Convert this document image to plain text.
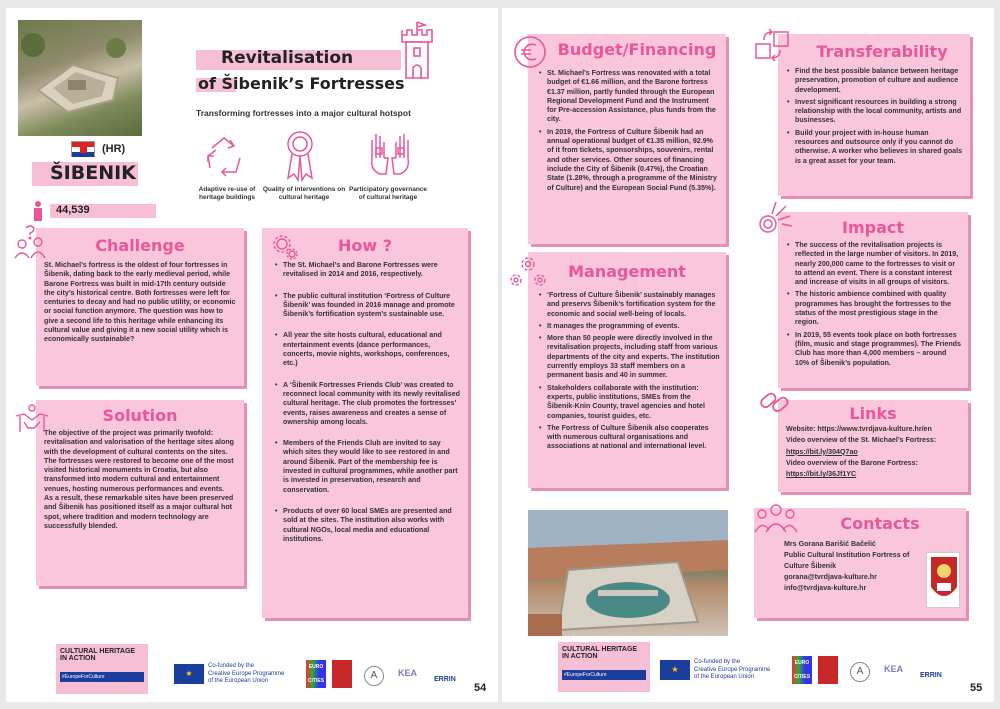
Revitalisation
of Šibenik’s Fortresses
Transforming fortresses into a major cultural hotspot
Adaptive re-use of heritage buildings
Quality of interventions on cultural heritage
Participatory governance of cultural heritage
(HR)
ŠIBENIK
44,539
Challenge

St. Michael’s fortress is the oldest of four fortresses in Šibenik, dating back to the early medieval period, while Barone Fortress was built in mid-17th century outside the city’s historical centre. Both fortresses were left for centuries to decay and had no public utility, or economic or social function anymore. The question was how to give a second life to this heritage while enhancing its cultural value and giving it a new social utility which is economically sustainable?

Solution

The objective of the project was primarily twofold: revitalisation and valorisation of the heritage sites along with the development of cultural contents on the sites.

The fortresses were restored to become one of the most visited historical monuments in Croatia, but also transformed into modern cultural and entertainment venues, hosting numerous performances and events.

As a result, these remarkable sites have been preserved and Šibenik has positioned itself as a major cultural hot spot, where tradition and modern technology are successfully blended.

How ?
• The St. Michael’s and Barone Fortresses were revitalised in 2014 and 2016, respectively.
• The public cultural institution ‘Fortress of Culture Šibenik’ was founded in 2016 manage and promote Šibenik’s fortification system’s sustainable use.
• All year the site hosts cultural, educational and entertainment events (dance performances, concerts, movie nights, workshops, conferences, etc.)
• A ‘Šibenik Fortresses Friends Club’ was created to reconnect local community with its newly revitalised cultural heritage. The club promotes the fortresses’ events, raises awareness and creates a sense of ownership among locals.
• Members of the Friends Club are invited to say which sites they would like to see restored in and around Šibenik. Part of the membership fee is invested in cultural programmes, while another part is invested in preservation, research and conservation.
• Products of over 60 local SMEs are presented and sold at the sites. The institution also works with cultural NGOs, local media and educational institutions.
CULTURAL HERITAGE
IN ACTION
#EuropeForCulture	★
Co-funded by the
Creative Europe Programme
of the European Union
EURO
CITIES	A	KEA
ERRIN
54
Budget/Financing
• St. Michael’s Fortress was renovated with a total budget of €1.66 million, and the Barone fortress €1.37 million, partly funded through the European Regional Development Fund and the Instrument for Pre-accession Assistance, plus funds from the city.
• In 2019, the Fortress of Culture Šibenik had an annual operational budget of €1.35 million, 92.9% of it from tickets, sponsorships, souvenirs, rental and other services. Other sources of financing include the City of Šibenik (0.47%), the Croatian State (1.28%, through a programme of the Ministry of Culture) and the European Social Fund (5.35%).
Management
• ‘Fortress of Culture Šibenik’ sustainably manages and preservs Šibenik’s fortification system for the economic and social well-being of locals.
• It manages the programming of events.
• More than 50 people were directly involved in the revitalisation projects, including staff from various departments of the city and experts. The institution currently employs 33 staff members on a permanent basis and 40 in summer.
• Stakeholders collaborate with the institution: experts, public institutions, SMEs from the Šibenik-Knin County, travel agencies and hotel companies, tourist guides, etc.
• The Fortress of Culture Šibenik also cooperates with numerous cultural organisations and associations at national and international level.
Transferability
• Find the best possible balance between heritage preservation, promotion of culture and audience development.
• Invest significant resources in building a strong relationship with the local community, artists and businesses.
• Build your project with in-house human resources and outsource only if you cannot do otherwise. A worker who believes in shared goals is a great asset for your team.
Impact
• The success of the revitalisation projects is reflected in the large number of visitors. In 2019, nearly 200,000 came to the fortresses to visit or to attend an event. There is a constant interest and increase of visits in all groups of visitors.
• The historic ambience combined with quality programmes has brought the fortresses to the status of the most prestigious stage in the region.
• In 2019, 55 events took place on both fortresses (film, music and stage programmes). The Friends Club has more than 4,000 members – around 10% of Šibenik’s population.
Links

Website: https://www.tvrdjava-kulture.hr/en

Video overview of the St. Michael’s Fortress:

https://bit.ly/304Q7ao

Video overview of the Barone Fortress:

https://bit.ly/36Jf1YC

Contacts

Mrs Gorana Barišić Bačelić

Public Cultural Institution Fortress of

Culture Šibenik

gorana@tvrdjava-kulture.hr

info@tvrdjava-kulture.hr

CULTURAL HERITAGE
IN ACTION
#EuropeForCulture
★
Co-funded by the
Creative Europe Programme
of the European Union
EURO
CITIES	A	KEA
ERRIN
55
